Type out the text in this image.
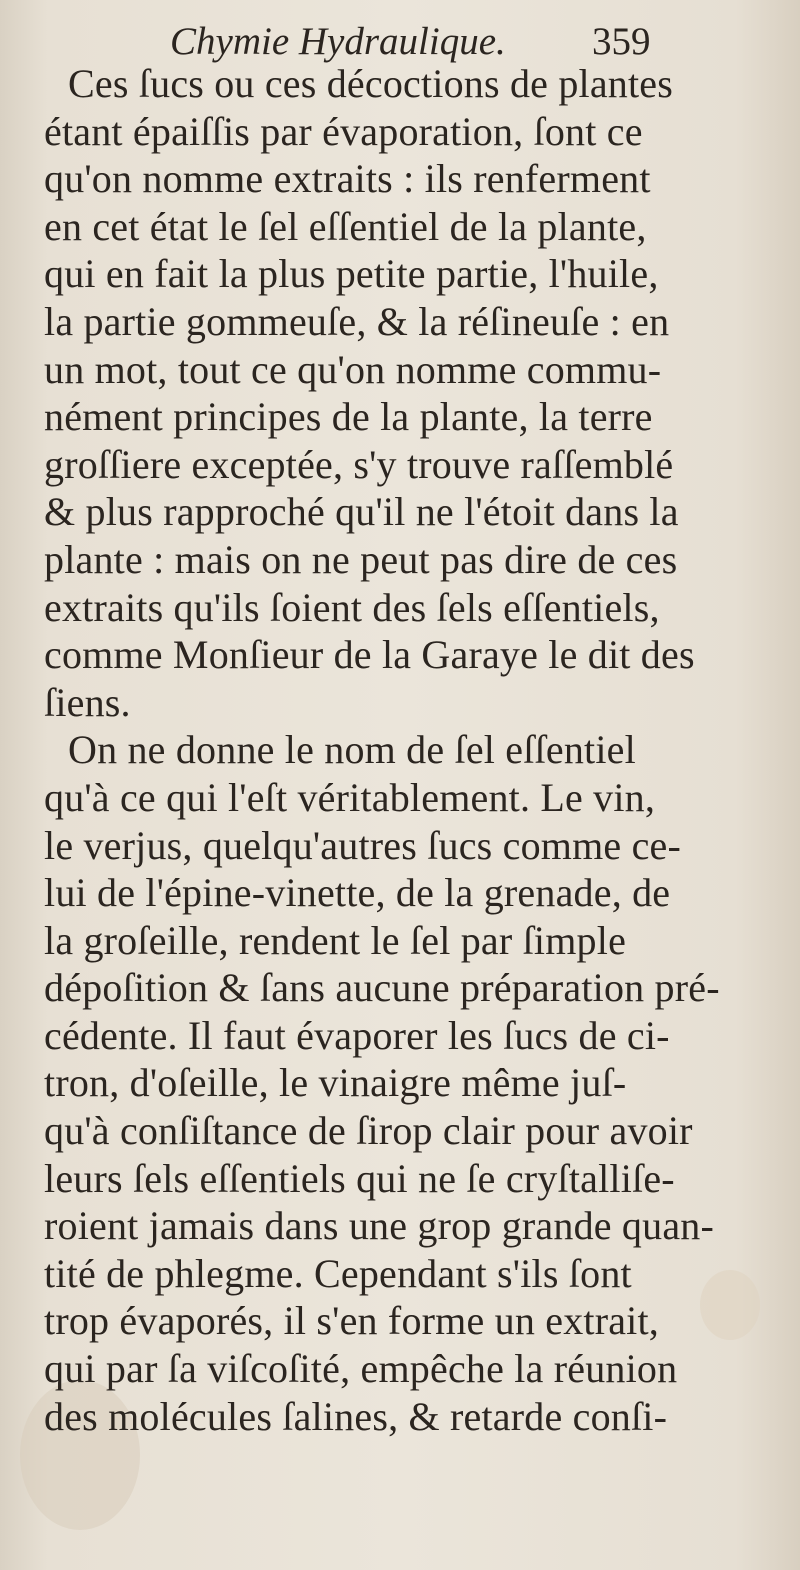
Chymie Hydraulique. 359
Ces ſucs ou ces décoctions de plantes
étant épaiſſis par évaporation, ſont ce
qu'on nomme extraits : ils renferment
en cet état le ſel eſſentiel de la plante,
qui en fait la plus petite partie, l'huile,
la partie gommeuſe, & la réſineuſe : en
un mot, tout ce qu'on nomme commu-
nément principes de la plante, la terre
groſſiere exceptée, s'y trouve raſſemblé
& plus rapproché qu'il ne l'étoit dans la
plante : mais on ne peut pas dire de ces
extraits qu'ils ſoient des ſels eſſentiels,
comme Monſieur de la Garaye le dit des
ſiens.
On ne donne le nom de ſel eſſentiel
qu'à ce qui l'eſt véritablement. Le vin,
le verjus, quelqu'autres ſucs comme ce-
lui de l'épine-vinette, de la grenade, de
la groſeille, rendent le ſel par ſimple
dépoſition & ſans aucune préparation pré-
cédente. Il faut évaporer les ſucs de ci-
tron, d'oſeille, le vinaigre même juſ-
qu'à conſiſtance de ſirop clair pour avoir
leurs ſels eſſentiels qui ne ſe cryſtalliſe-
roient jamais dans une grop grande quan-
tité de phlegme. Cependant s'ils ſont
trop évaporés, il s'en forme un extrait,
qui par ſa viſcoſité, empêche la réunion
des molécules ſalines, & retarde conſi-
